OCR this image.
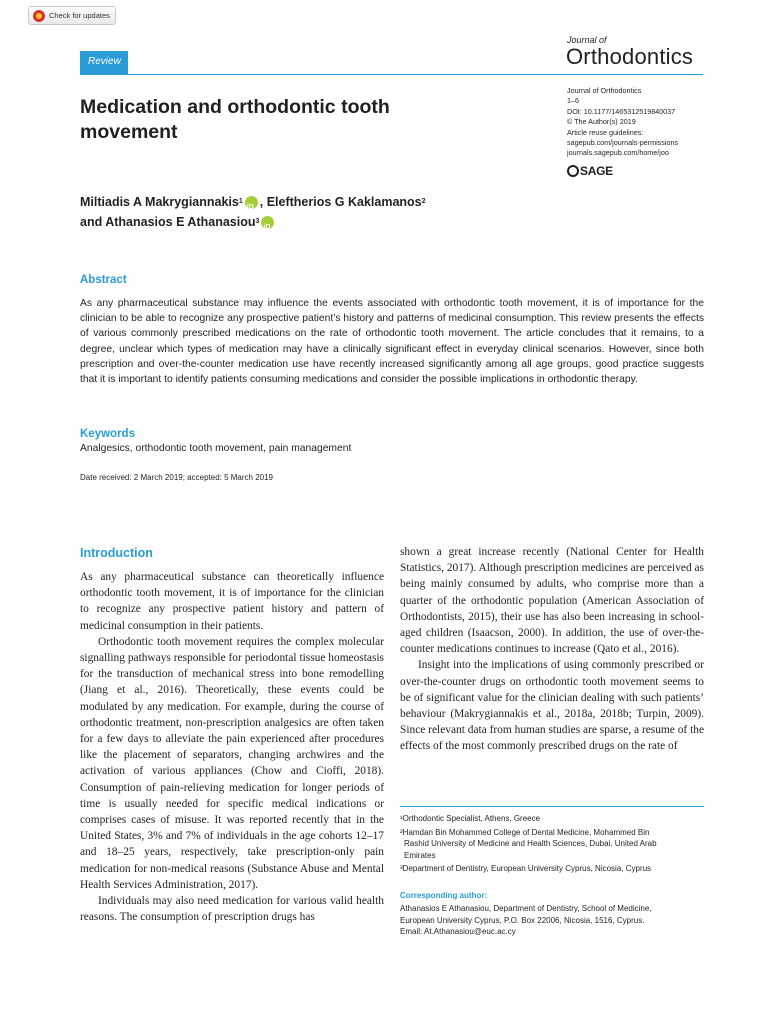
Check for updates
Review
Journal of
Orthodontics
Journal of Orthodontics
1–6
DOI: 10.1177/1465312519840037
© The Author(s) 2019
Article reuse guidelines:
sagepub.com/journals-permissions
journals.sagepub.com/home/joo
SAGE
Medication and orthodontic tooth
movement
Miltiadis A Makrygiannakis 1
iD , Eleftherios G Kaklamanos 2
and Athanasios E Athanasiou 3
iD
Abstract
As any pharmaceutical substance may influence the events associated with orthodontic tooth movement, it is of importance for the clinician to be able to recognize any prospective patient’s history and patterns of medicinal consumption. This review presents the effects of various commonly prescribed medications on the rate of orthodontic tooth movement. The article concludes that it remains, to a degree, unclear which types of medication may have a clinically significant effect in everyday clinical scenarios. However, since both prescription and over-the-counter medication use have recently increased significantly among all age groups, good practice suggests that it is important to identify patients consuming medications and consider the possible implications in orthodontic therapy.
Keywords
Analgesics, orthodontic tooth movement, pain management
Date received: 2 March 2019; accepted: 5 March 2019
Introduction

As any pharmaceutical substance can theoretically influence orthodontic tooth movement, it is of importance for the clinician to recognize any prospective patient history and pattern of medicinal consumption in their patients.

Orthodontic tooth movement requires the complex molecular signalling pathways responsible for periodontal tissue homeostasis for the transduction of mechanical stress into bone remodelling (Jiang et al., 2016). Theoretically, these events could be modulated by any medication. For example, during the course of orthodontic treatment, non-prescription analgesics are often taken for a few days to alleviate the pain experienced after procedures like the placement of separators, changing archwires and the activation of various appliances (Chow and Cioffi, 2018). Consumption of pain-relieving medication for longer periods of time is usually needed for specific medical indications or comprises cases of misuse. It was reported recently that in the United States, 3% and 7% of individuals in the age cohorts 12–17 and 18–25 years, respectively, take prescription-only pain medication for non-medical reasons (Substance Abuse and Mental Health Services Administration, 2017).

Individuals may also need medication for various valid health reasons. The consumption of prescription drugs has

shown a great increase recently (National Center for Health Statistics, 2017). Although prescription medicines are perceived as being mainly consumed by adults, who comprise more than a quarter of the orthodontic population (American Association of Orthodontists, 2015), their use has also been increasing in school-aged children (Isaacson, 2000). In addition, the use of over-the-counter medications continues to increase (Qato et al., 2016).

Insight into the implications of using commonly prescribed or over-the-counter drugs on orthodontic tooth movement seems to be of significant value for the clinician dealing with such patients’ behaviour (Makrygiannakis et al., 2018a, 2018b; Turpin, 2009). Since relevant data from human studies are sparse, a resume of the effects of the most commonly prescribed drugs on the rate of

¹Orthodontic Specialist, Athens, Greece
²Hamdan Bin Mohammed College of Dental Medicine, Mohammed Bin
Rashid University of Medicine and Health Sciences, Dubai, United Arab
Emirates
³Department of Dentistry, European University Cyprus, Nicosia, Cyprus
Corresponding author:
Athanasios E Athanasiou, Department of Dentistry, School of Medicine,
European University Cyprus, P.O. Box 22006, Nicosia, 1516, Cyprus.
Email: At.Athanasiou@euc.ac.cy
